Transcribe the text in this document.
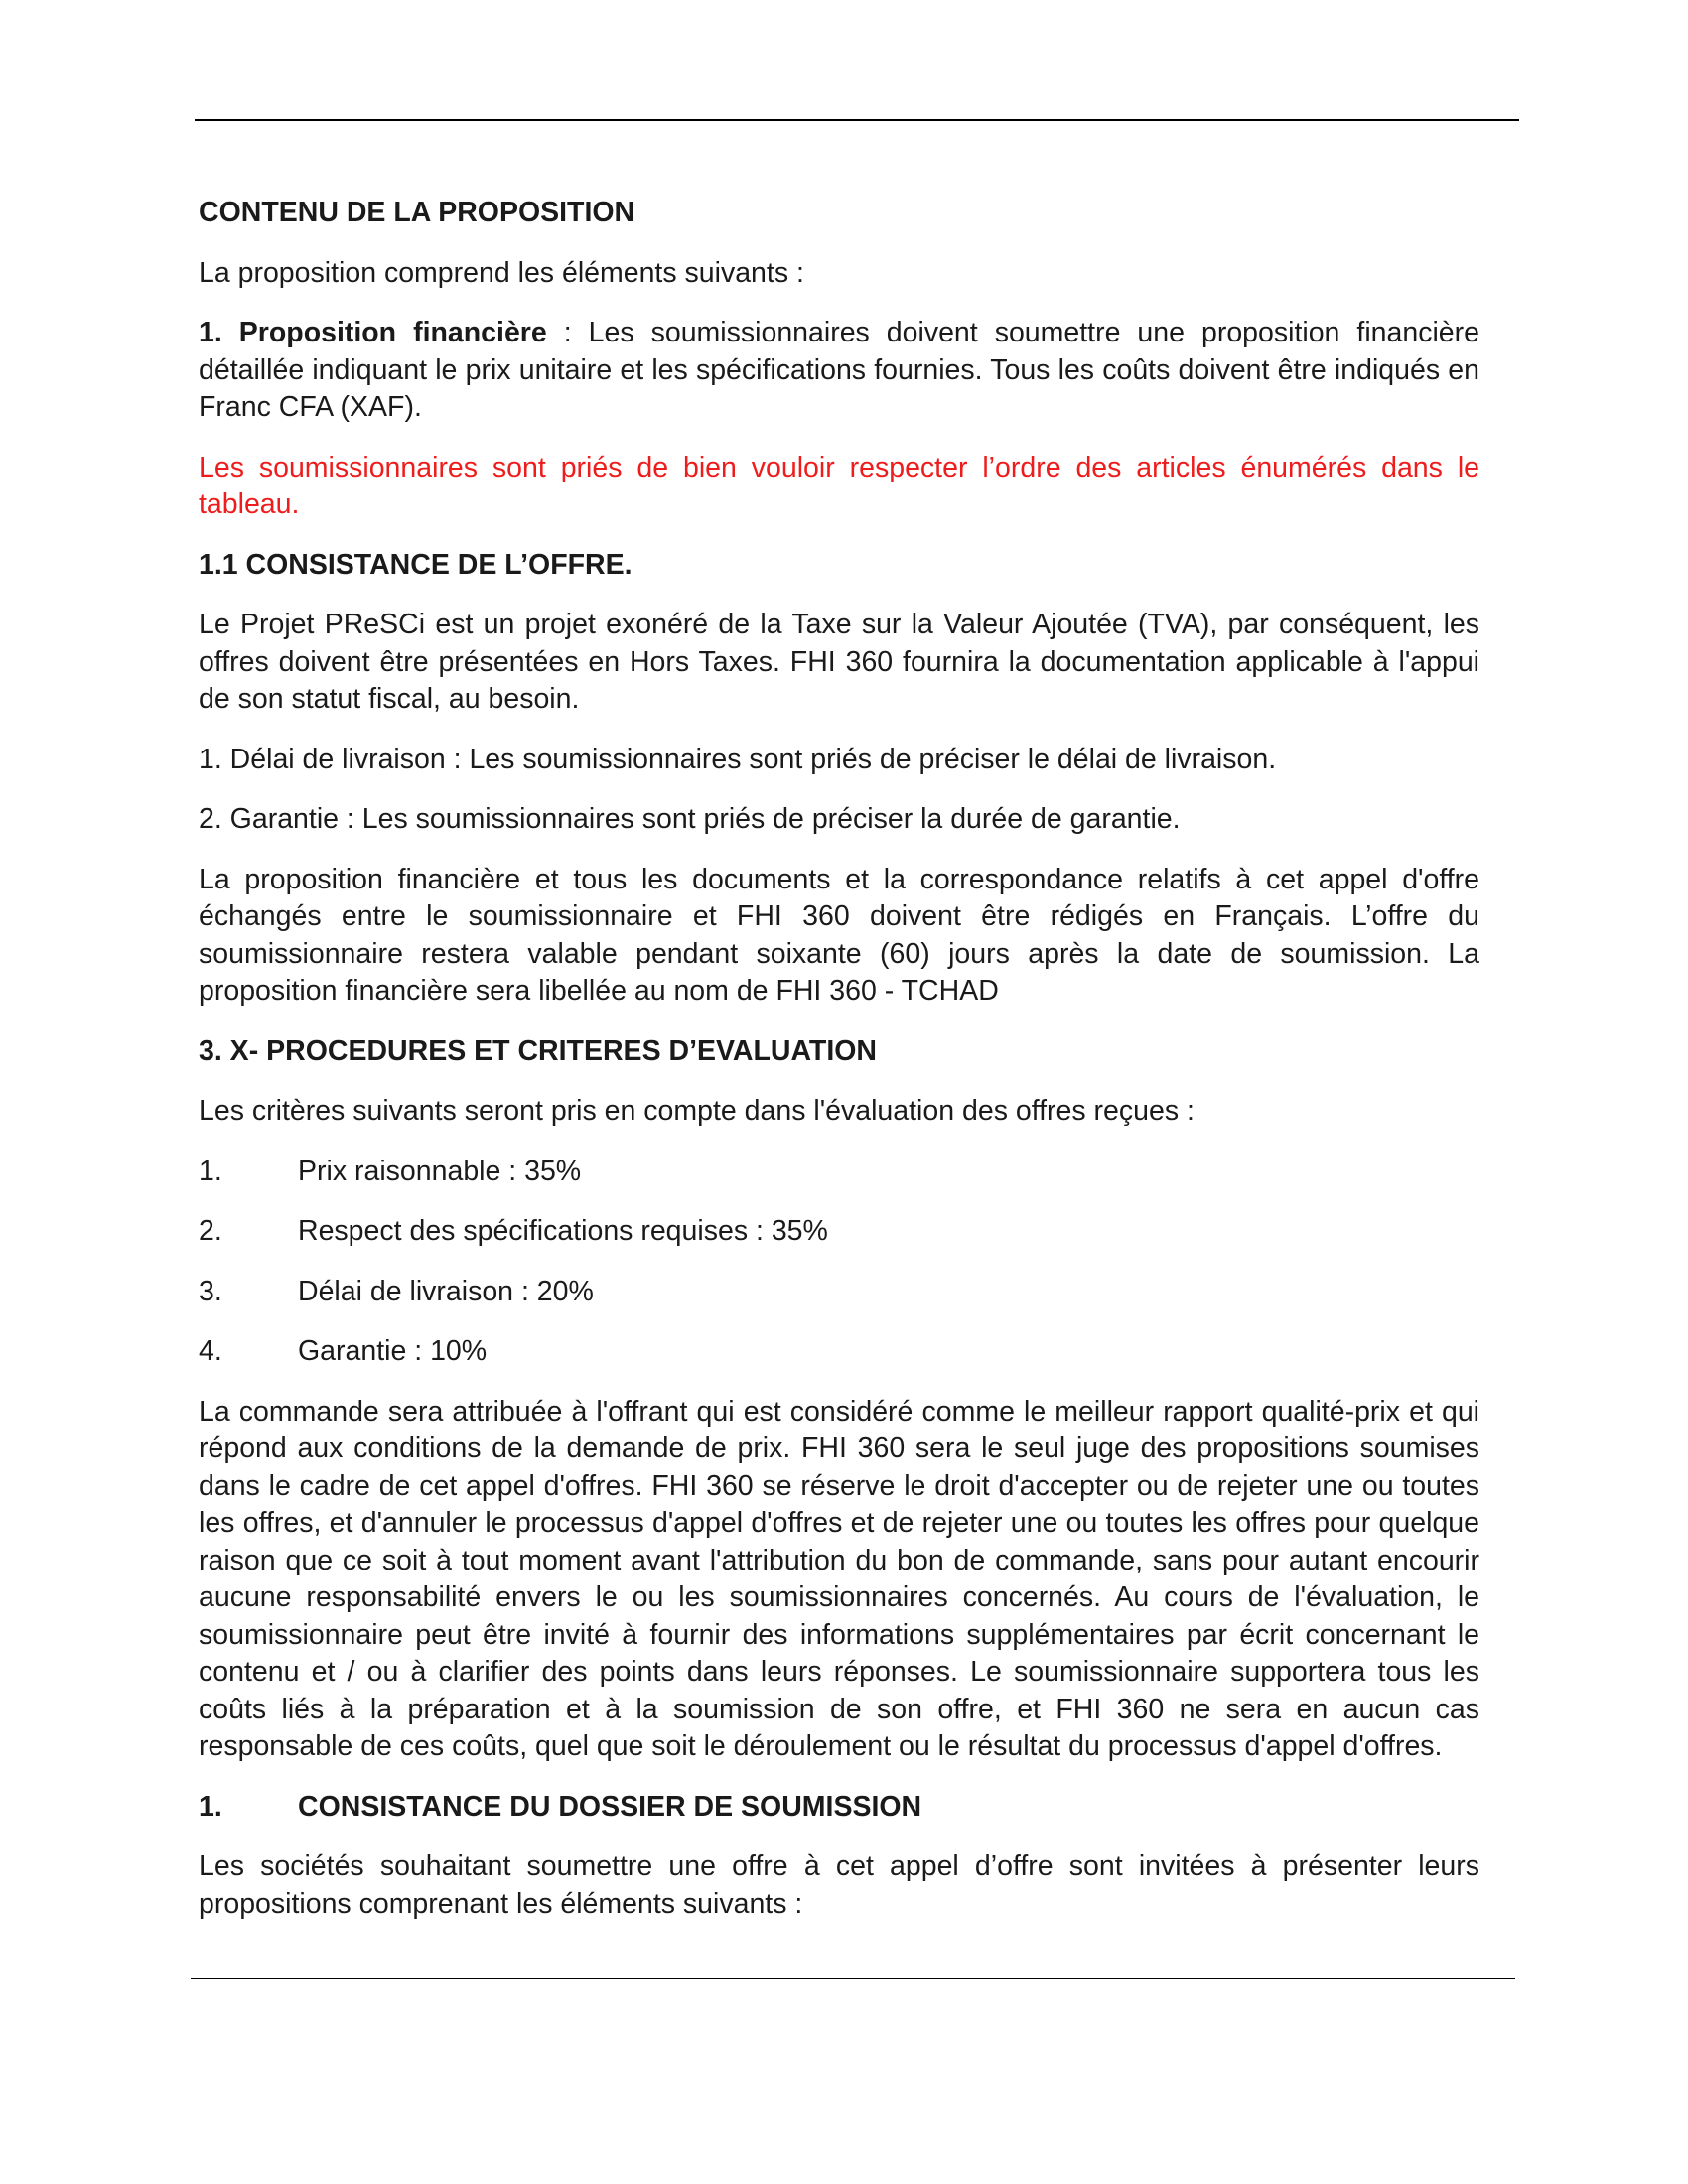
CONTENU DE LA PROPOSITION

La proposition comprend les éléments suivants :

1. Proposition financière : Les soumissionnaires doivent soumettre une proposition financière détaillée indiquant le prix unitaire et les spécifications fournies. Tous les coûts doivent être indiqués en Franc CFA (XAF).

Les soumissionnaires sont priés de bien vouloir respecter l’ordre des articles énumérés dans le tableau.

1.1 CONSISTANCE DE L’OFFRE.

Le Projet PReSCi est un projet exonéré de la Taxe sur la Valeur Ajoutée (TVA), par conséquent, les offres doivent être présentées en Hors Taxes. FHI 360 fournira la documentation applicable à l'appui de son statut fiscal, au besoin.

1. Délai de livraison : Les soumissionnaires sont priés de préciser le délai de livraison.

2. Garantie : Les soumissionnaires sont priés de préciser la durée de garantie.

La proposition financière et tous les documents et la correspondance relatifs à cet appel d'offre échangés entre le soumissionnaire et FHI 360 doivent être rédigés en Français. L’offre du soumissionnaire restera valable pendant soixante (60) jours après la date de soumission. La proposition financière sera libellée au nom de FHI 360 - TCHAD

3. X- PROCEDURES ET CRITERES D’EVALUATION

Les critères suivants seront pris en compte dans l'évaluation des offres reçues :

1.	Prix raisonnable : 35%
2.	Respect des spécifications requises : 35%
3.	Délai de livraison : 20%
4.	Garantie : 10%

La commande sera attribuée à l'offrant qui est considéré comme le meilleur rapport qualité-prix et qui répond aux conditions de la demande de prix. FHI 360 sera le seul juge des propositions soumises dans le cadre de cet appel d'offres. FHI 360 se réserve le droit d'accepter ou de rejeter une ou toutes les offres, et d'annuler le processus d'appel d'offres et de rejeter une ou toutes les offres pour quelque raison que ce soit à tout moment avant l'attribution du bon de commande, sans pour autant encourir aucune responsabilité envers le ou les soumissionnaires concernés. Au cours de l'évaluation, le soumissionnaire peut être invité à fournir des informations supplémentaires par écrit concernant le contenu et / ou à clarifier des points dans leurs réponses. Le soumissionnaire supportera tous les coûts liés à la préparation et à la soumission de son offre, et FHI 360 ne sera en aucun cas responsable de ces coûts, quel que soit le déroulement ou le résultat du processus d'appel d'offres.

1.	CONSISTANCE DU DOSSIER DE SOUMISSION

Les sociétés souhaitant soumettre une offre à cet appel d’offre sont invitées à présenter leurs propositions comprenant les éléments suivants :
